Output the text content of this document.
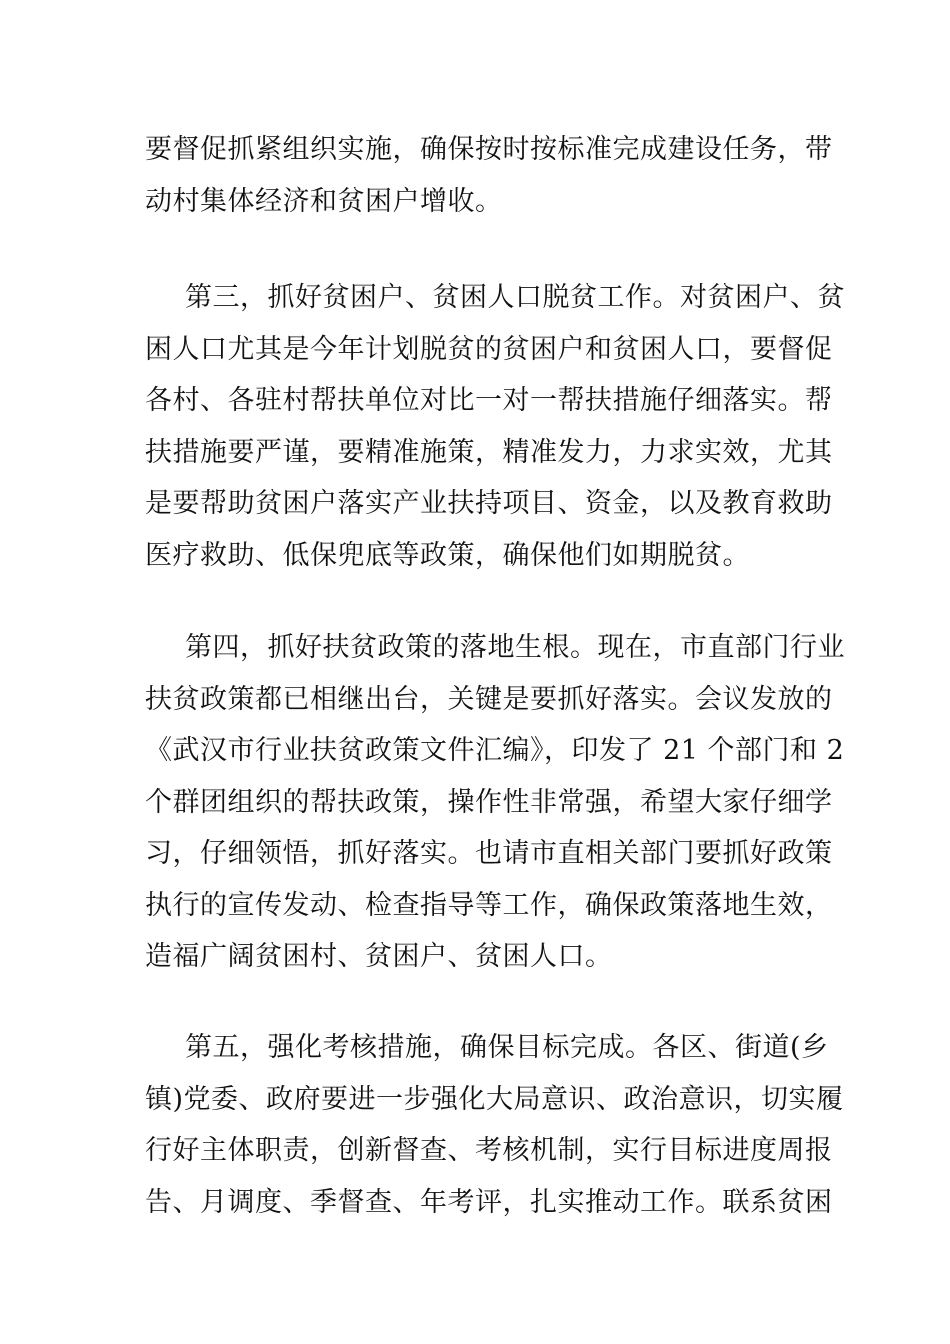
要督促抓紧组织实施，确保按时按标准完成建设任务，带
动村集体经济和贫困户增收。

第三，抓好贫困户、贫困人口脱贫工作。对贫困户、贫
困人口尤其是今年计划脱贫的贫困户和贫困人口，要督促
各村、各驻村帮扶单位对比一对一帮扶措施仔细落实。帮
扶措施要严谨，要精准施策，精准发力，力求实效，尤其
是要帮助贫困户落实产业扶持项目、资金，以及教育救助
医疗救助、低保兜底等政策，确保他们如期脱贫。

第四，抓好扶贫政策的落地生根。现在，市直部门行业
扶贫政策都已相继出台，关键是要抓好落实。会议发放的
《武汉市行业扶贫政策文件汇编》，印发了 21 个部门和 2
个群团组织的帮扶政策，操作性非常强，希望大家仔细学
习，仔细领悟，抓好落实。也请市直相关部门要抓好政策
执行的宣传发动、检查指导等工作，确保政策落地生效，
造福广阔贫困村、贫困户、贫困人口。

第五，强化考核措施，确保目标完成。各区、街道(乡
镇)党委、政府要进一步强化大局意识、政治意识，切实履
行好主体职责，创新督查、考核机制，实行目标进度周报
告、月调度、季督查、年考评，扎实推动工作。联系贫困
